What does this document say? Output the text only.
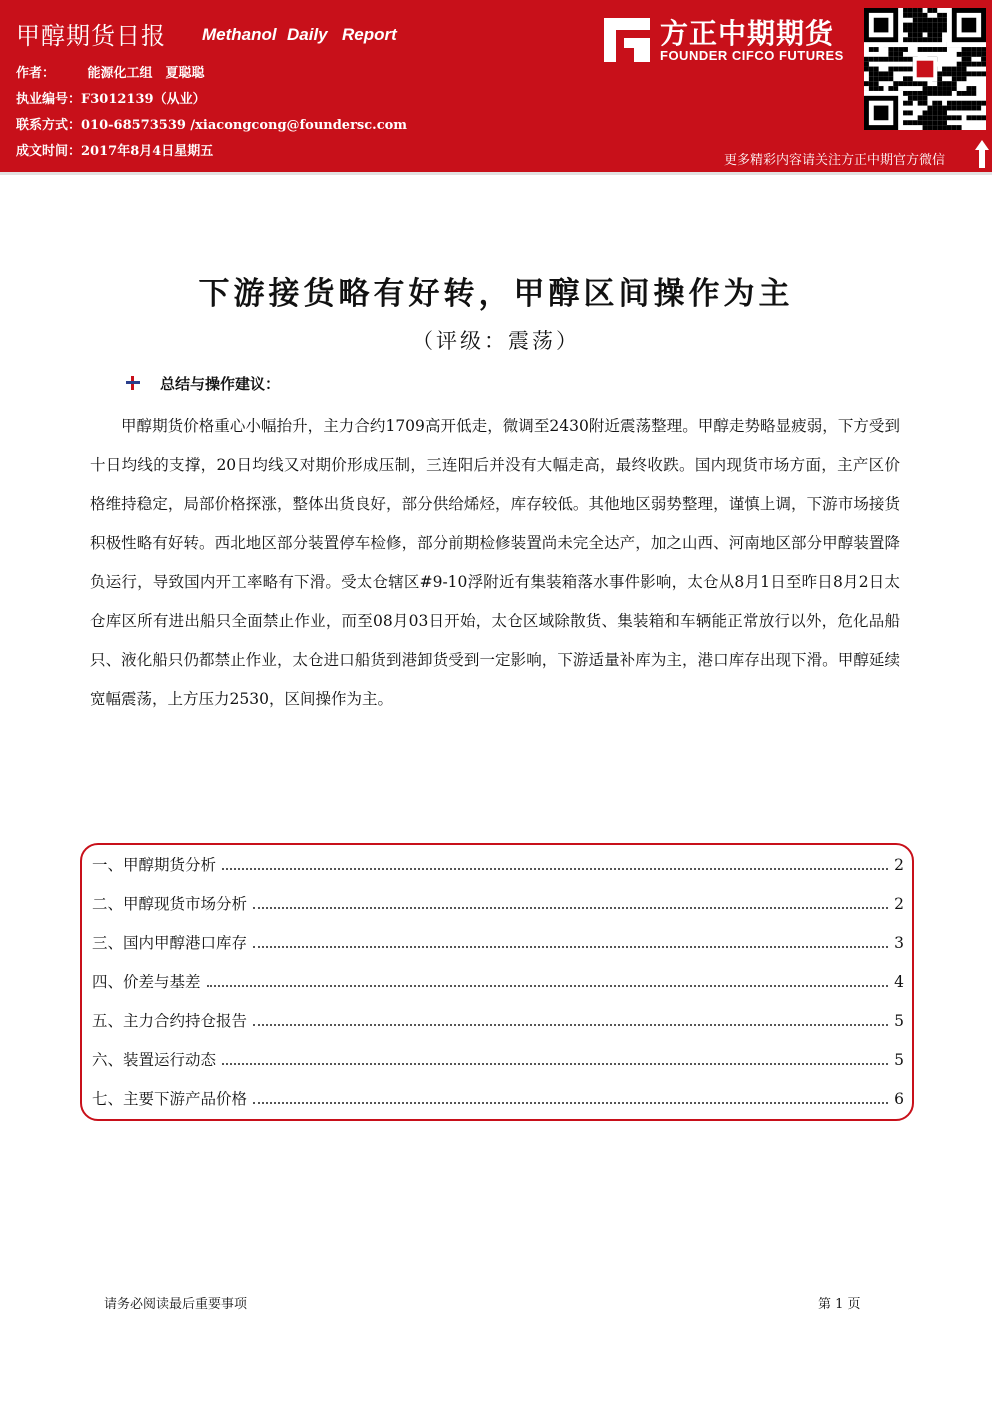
甲醇期货日报 Methanol Daily Report
作者：　　　能源化工组　夏聪聪
执业编号：F3012139（从业）
联系方式：010-68573539 /xiacongcong@foundersc.com
成文时间：2017年8月4日星期五
方正中期期货
FOUNDER CIFCO FUTURES
更多精彩内容请关注方正中期官方微信
下游接货略有好转，甲醇区间操作为主
（评级：震荡）
总结与操作建议：

甲醇期货价格重心小幅抬升，主力合约1709高开低走，微调至2430附近震荡整理。甲醇走势略显疲弱，下方受到十日均线的支撑，20日均线又对期价形成压制，三连阳后并没有大幅走高，最终收跌。国内现货市场方面，主产区价格维持稳定，局部价格探涨，整体出货良好，部分供给烯烃，库存较低。其他地区弱势整理，谨慎上调，下游市场接货积极性略有好转。西北地区部分装置停车检修，部分前期检修装置尚未完全达产，加之山西、河南地区部分甲醇装置降负运行，导致国内开工率略有下滑。受太仓辖区#9-10浮附近有集装箱落水事件影响，太仓从8月1日至昨日8月2日太仓库区所有进出船只全面禁止作业，而至08月03日开始，太仓区域除散货、集装箱和车辆能正常放行以外，危化品船只、液化船只仍都禁止作业，太仓进口船货到港卸货受到一定影响，下游适量补库为主，港口库存出现下滑。甲醇延续宽幅震荡，上方压力2530，区间操作为主。

一、甲醇期货分析	2
二、甲醇现货市场分析	2
三、国内甲醇港口库存	3
四、价差与基差	4
五、主力合约持仓报告	5
六、装置运行动态	5
七、主要下游产品价格	6
请务必阅读最后重要事项	第 1 页
